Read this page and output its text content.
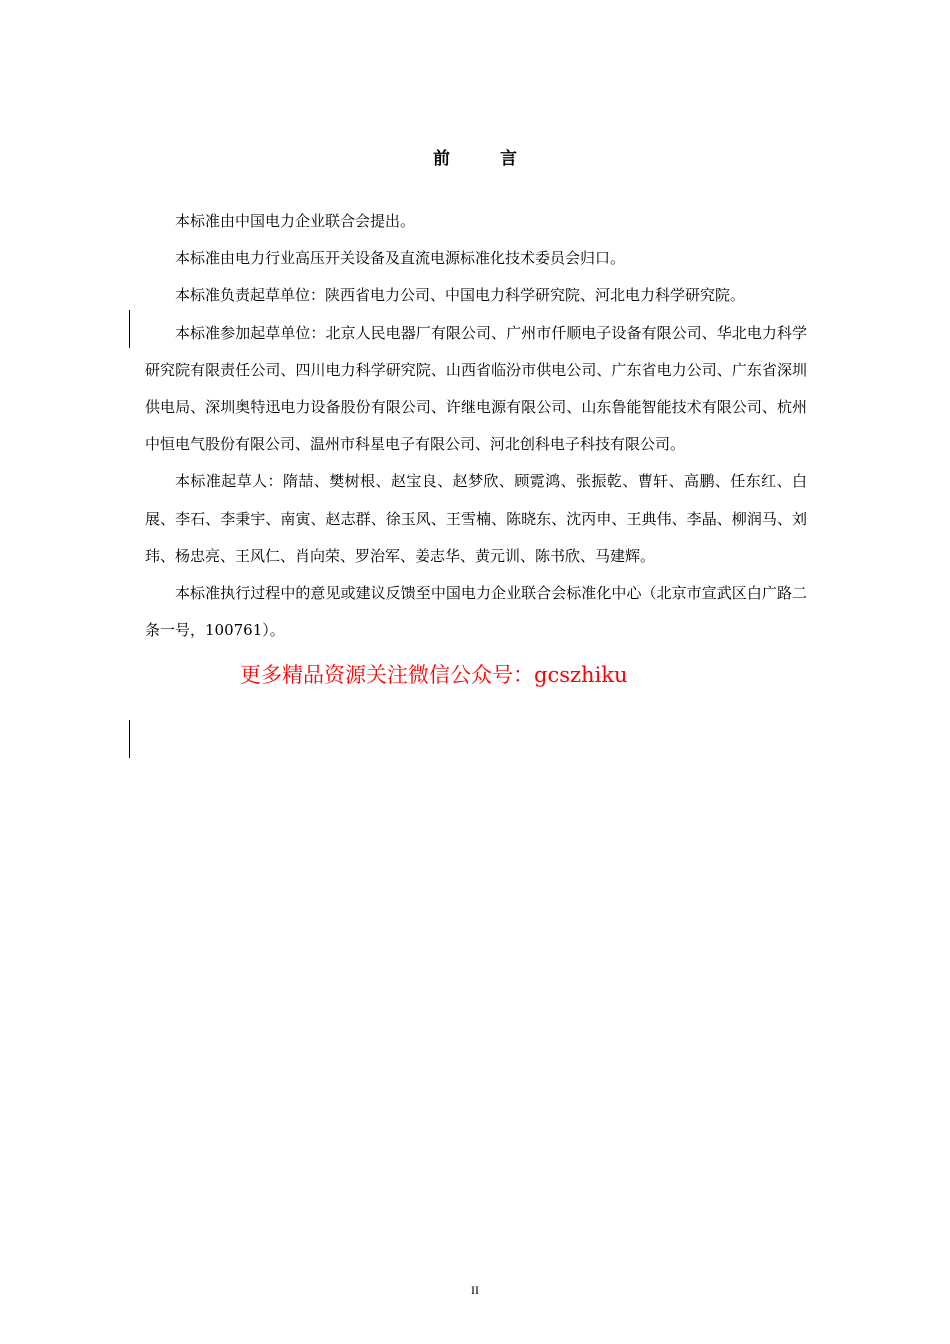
前 言

本标准由中国电力企业联合会提出。

本标准由电力行业高压开关设备及直流电源标准化技术委员会归口。

本标准负责起草单位：陕西省电力公司、中国电力科学研究院、河北电力科学研究院。

本标准参加起草单位：北京人民电器厂有限公司、广州市仟顺电子设备有限公司、华北电力科学研究院有限责任公司、四川电力科学研究院、山西省临汾市供电公司、广东省电力公司、广东省深圳供电局、深圳奥特迅电力设备股份有限公司、许继电源有限公司、山东鲁能智能技术有限公司、杭州中恒电气股份有限公司、温州市科星电子有限公司、河北创科电子科技有限公司。

本标准起草人：隋喆、樊树根、赵宝良、赵梦欣、顾霓鸿、张振乾、曹轩、高鹏、任东红、白展、李石、李秉宇、南寅、赵志群、徐玉风、王雪楠、陈晓东、沈丙申、王典伟、李晶、柳润马、刘玮、杨忠亮、王风仁、肖向荣、罗治军、姜志华、黄元训、陈书欣、马建辉。

本标准执行过程中的意见或建议反馈至中国电力企业联合会标准化中心（北京市宣武区白广路二条一号，100761）。

更多精品资源关注微信公众号：gcszhiku
II
